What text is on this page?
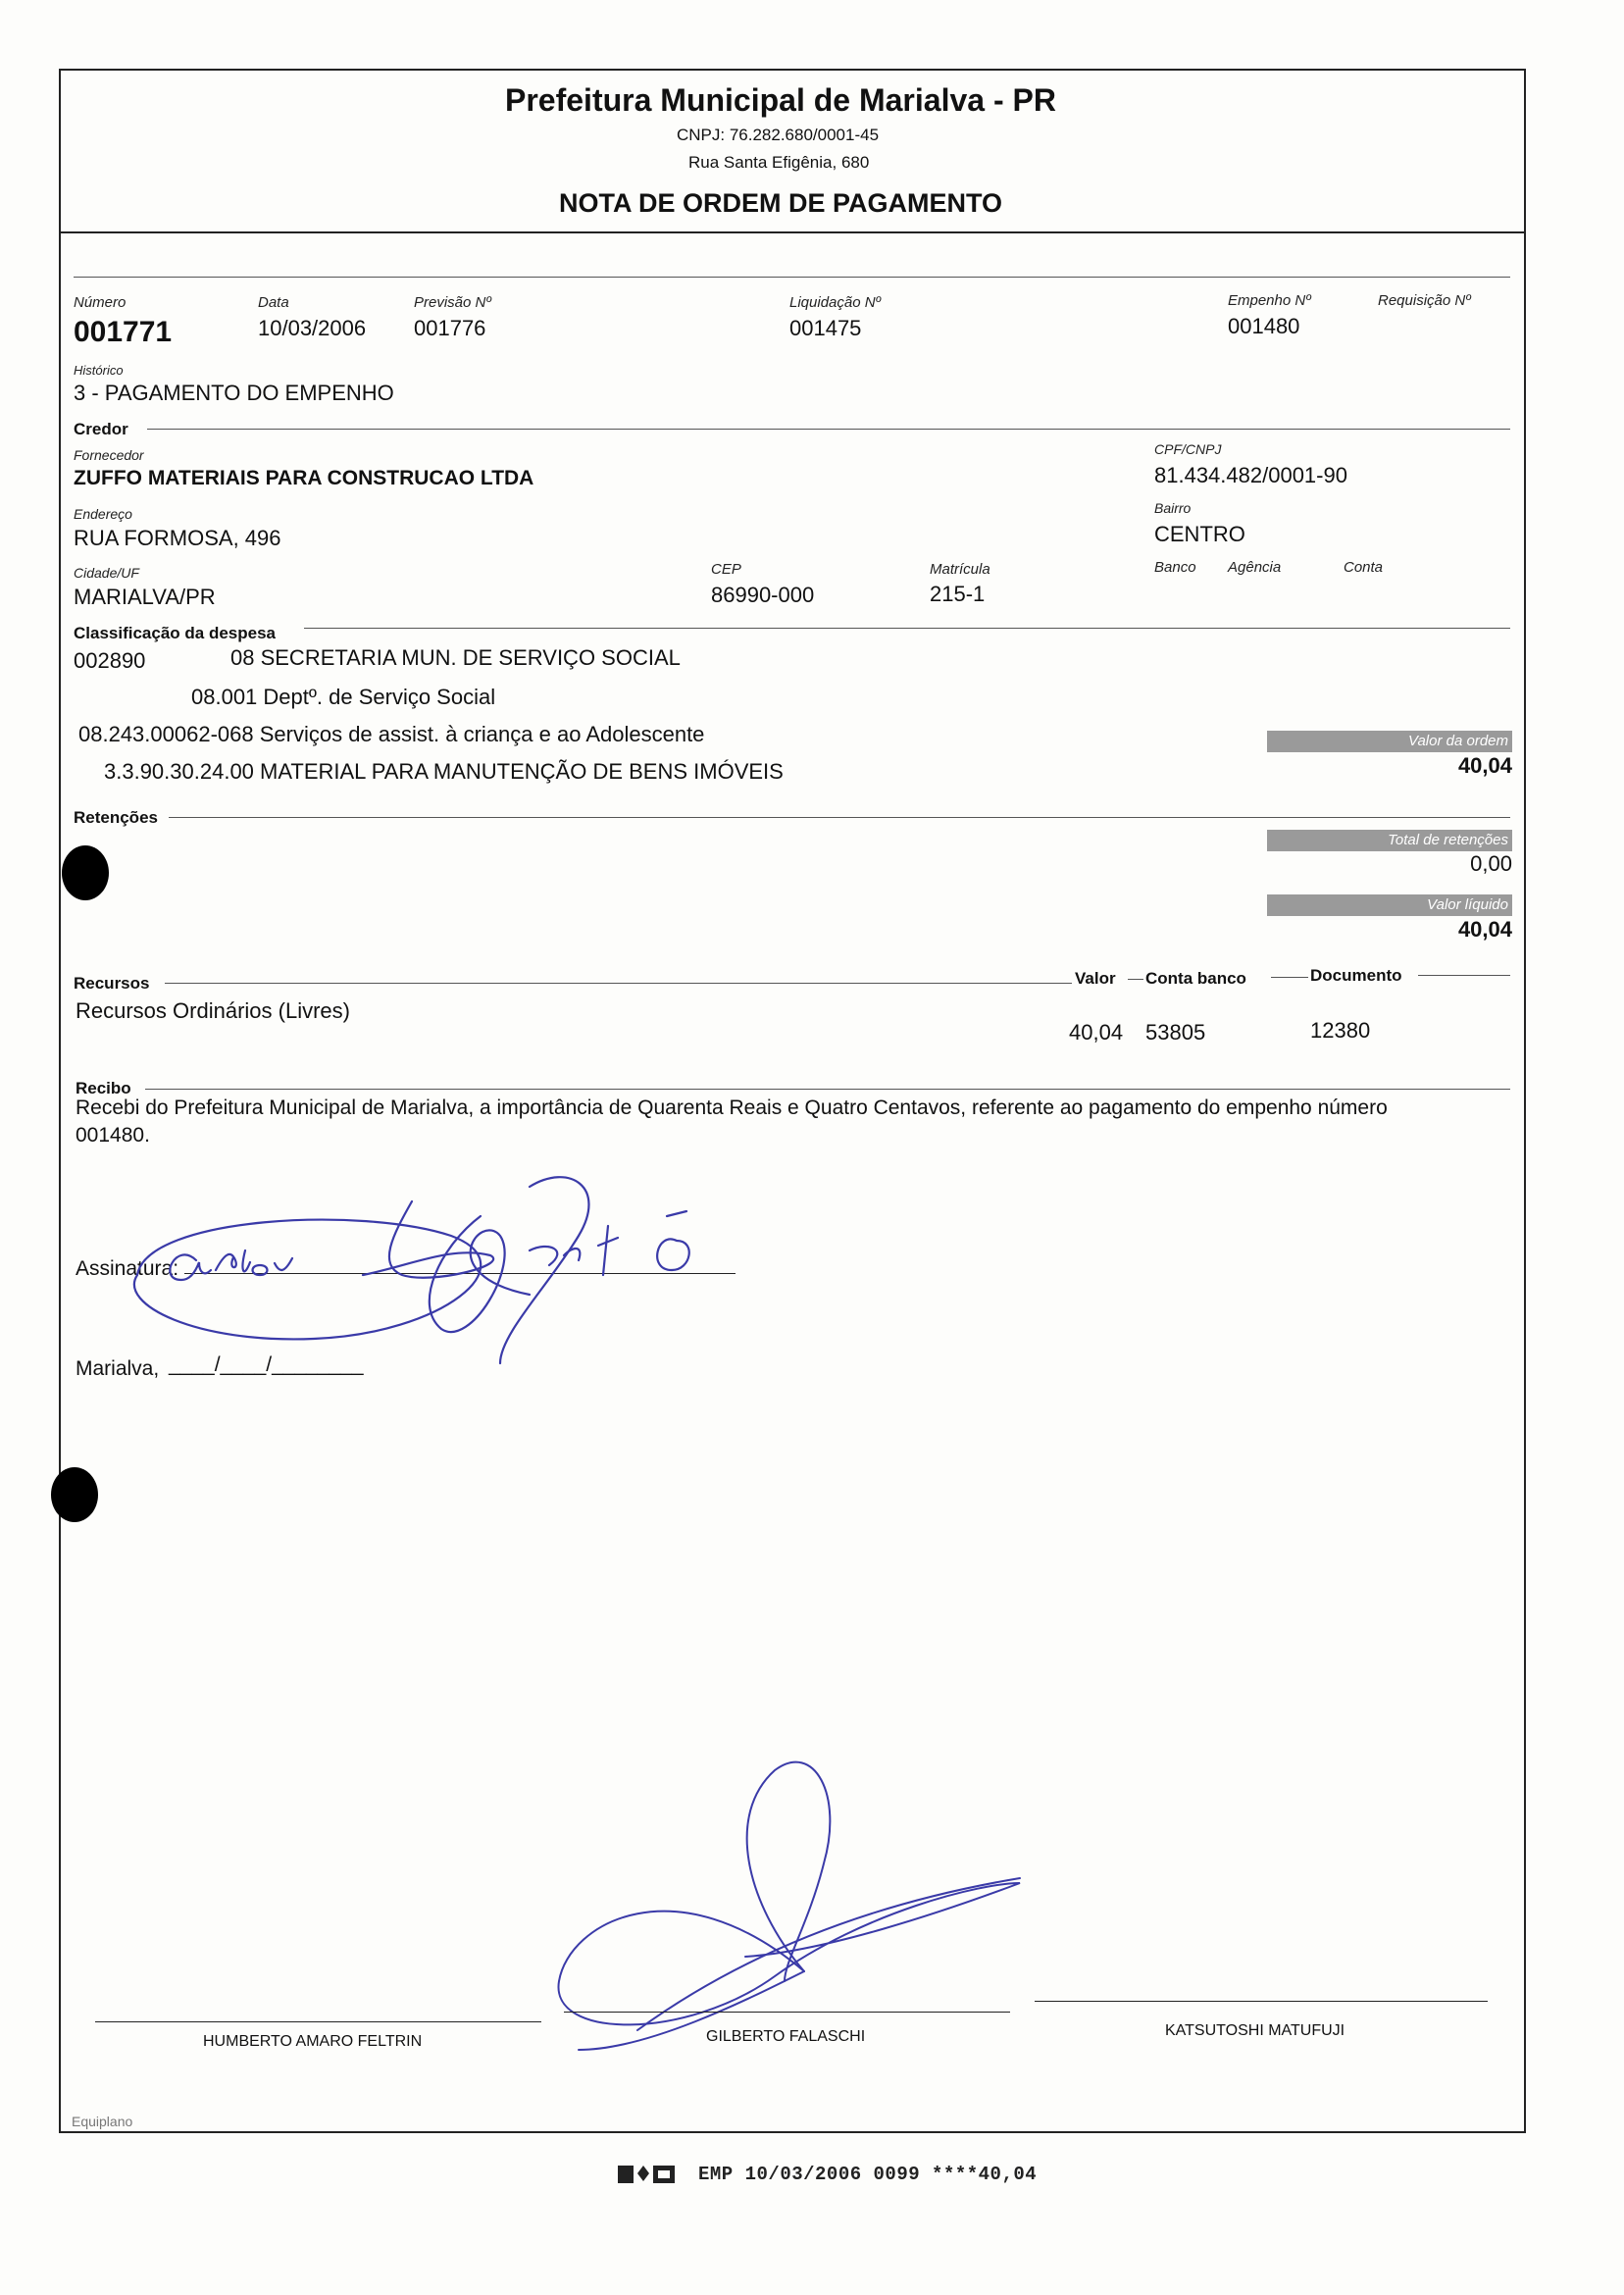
Prefeitura Municipal de Marialva - PR
CNPJ: 76.282.680/0001-45
Rua Santa Efigênia, 680
NOTA DE ORDEM DE PAGAMENTO
Número
001771
Data
10/03/2006
Previsão Nº
001776
Liquidação Nº
001475
Empenho Nº
001480
Requisição Nº
Histórico
3 - PAGAMENTO DO EMPENHO
Credor
Fornecedor
ZUFFO MATERIAIS PARA CONSTRUCAO LTDA
CPF/CNPJ
81.434.482/0001-90
Endereço
RUA FORMOSA, 496
Bairro
CENTRO
Cidade/UF
MARIALVA/PR
CEP
86990-000
Matrícula
215-1
Banco Agência	Conta
Classificação da despesa
002890	08 SECRETARIA MUN. DE SERVIÇO SOCIAL
08.001 Deptº. de Serviço Social
08.243.00062-068 Serviços de assist. à criança e ao Adolescente
3.3.90.30.24.00 MATERIAL PARA MANUTENÇÃO DE BENS IMÓVEIS
Valor da ordem
40,04
Retenções
Total de retenções
0,00
Valor líquido
40,04
Recursos	Valor Conta banco	Documento
Recursos Ordinários (Livres)
40,04 53805	12380
Recibo
Recebi do Prefeitura Municipal de Marialva, a importância de Quarenta Reais e Quatro Centavos, referente ao pagamento do empenho número
001480.
Assinatura:
Marialva, ____/____/________
HUMBERTO AMARO FELTRIN	GILBERTO FALASCHI	KATSUTOSHI MATUFUJI
Equiplano
EMP 10/03/2006 0099 ****40,04
